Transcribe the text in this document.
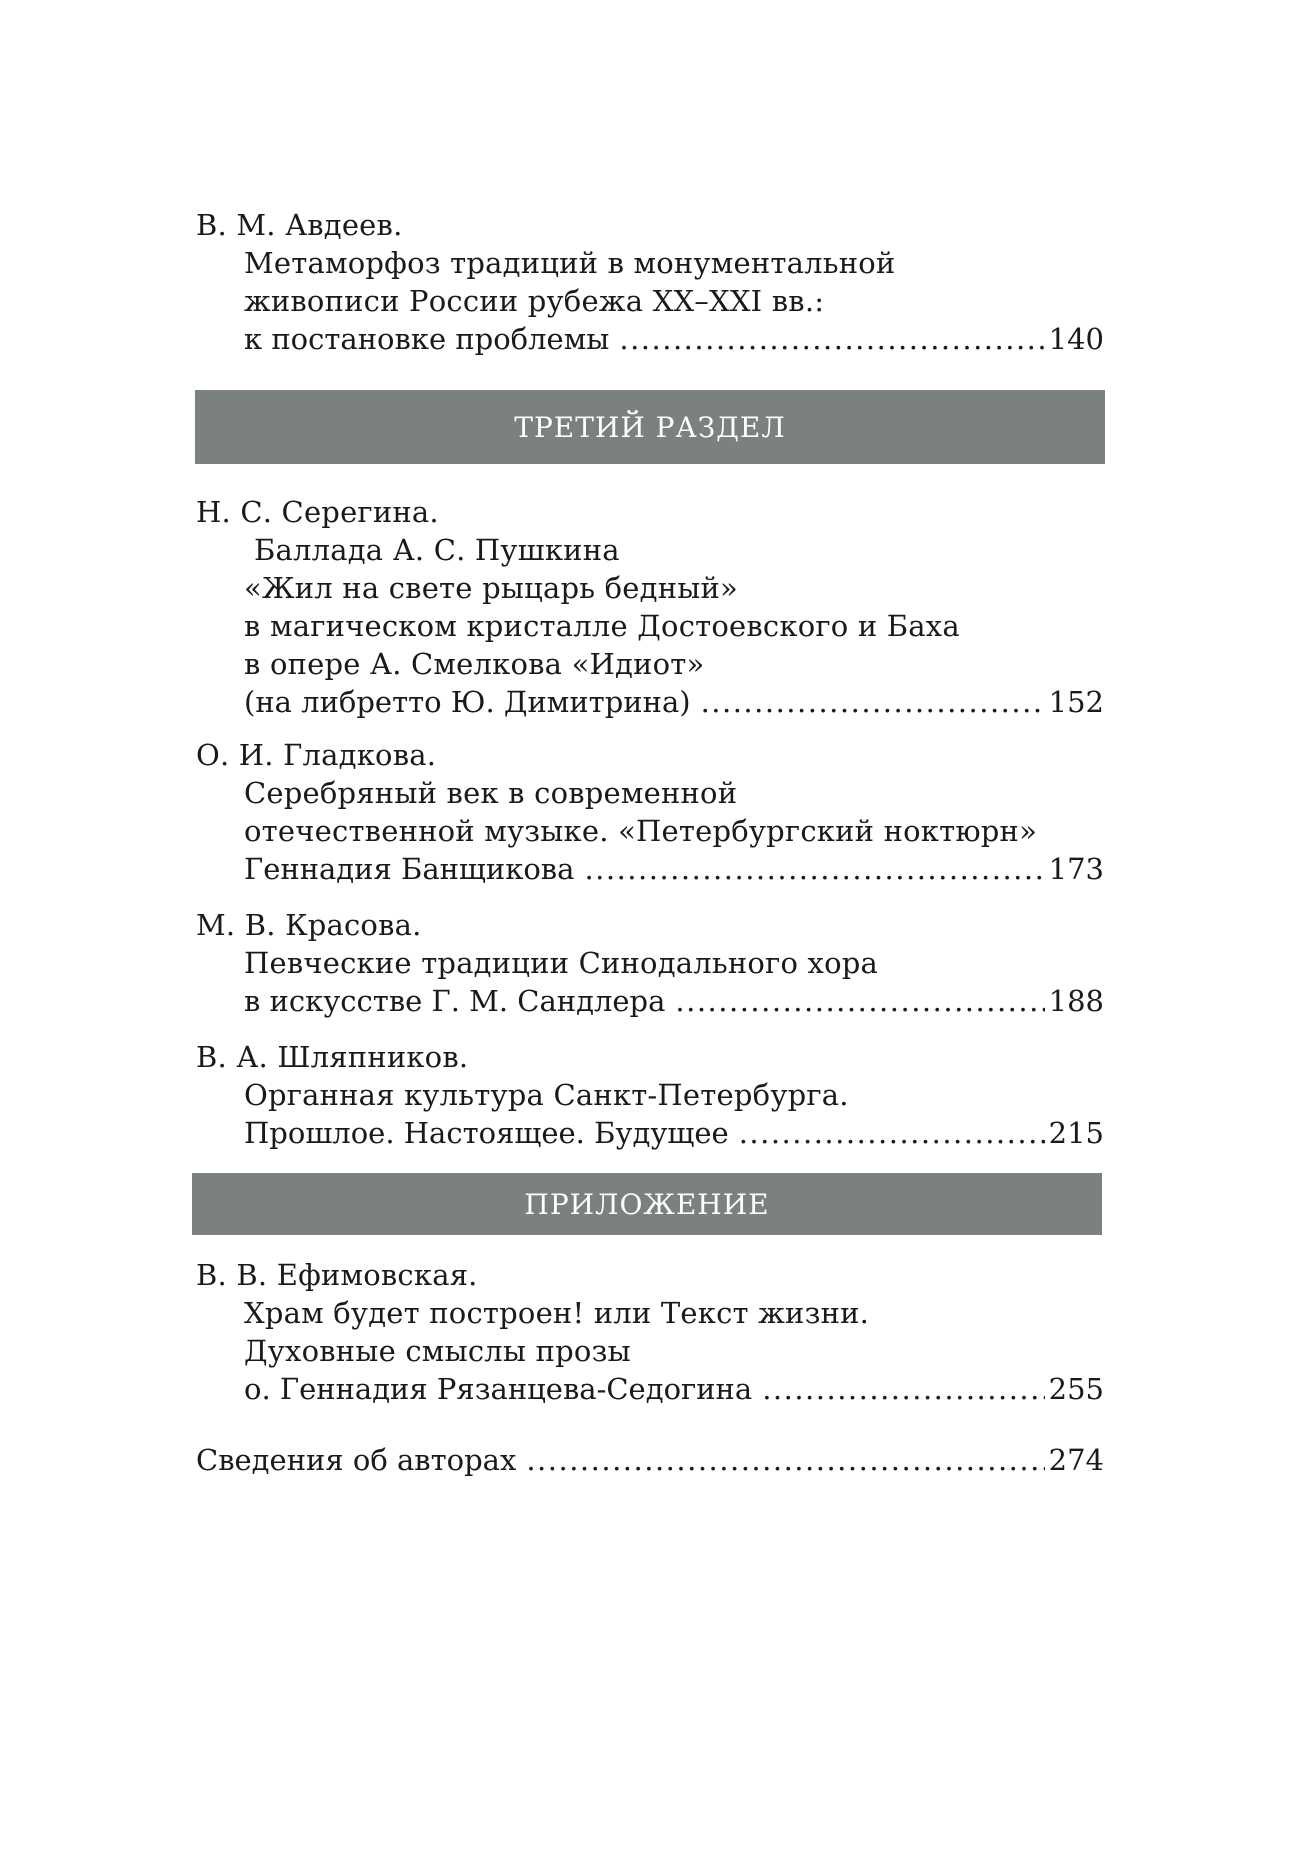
В. М. Авдеев.
Метаморфоз традиций в монументальной
живописи России рубежа XX–XXI вв.:
к постановке проблемы .....	140
ТРЕТИЙ РАЗДЕЛ
Н. С. Серегина.
Баллада А. С. Пушкина
«Жил на свете рыцарь бедный»
в магическом кристалле Достоевского и Баха
в опере А. Смелкова «Идиот»
(на либретто Ю. Димитрина) .....	152
О. И. Гладкова.
Серебряный век в современной
отечественной музыке. «Петербургский ноктюрн»
Геннадия Банщикова .....	173
М. В. Красова.
Певческие традиции Синодального хора
в искусстве Г. М. Сандлера .....	188
В. А. Шляпников.
Органная культура Санкт-Петербурга.
Прошлое. Настоящее. Будущее .....	215
ПРИЛОЖЕНИЕ
В. В. Ефимовская.
Храм будет построен! или Текст жизни.
Духовные смыслы прозы
о. Геннадия Рязанцева-Седогина .....	255
Сведения об авторах .....	274
